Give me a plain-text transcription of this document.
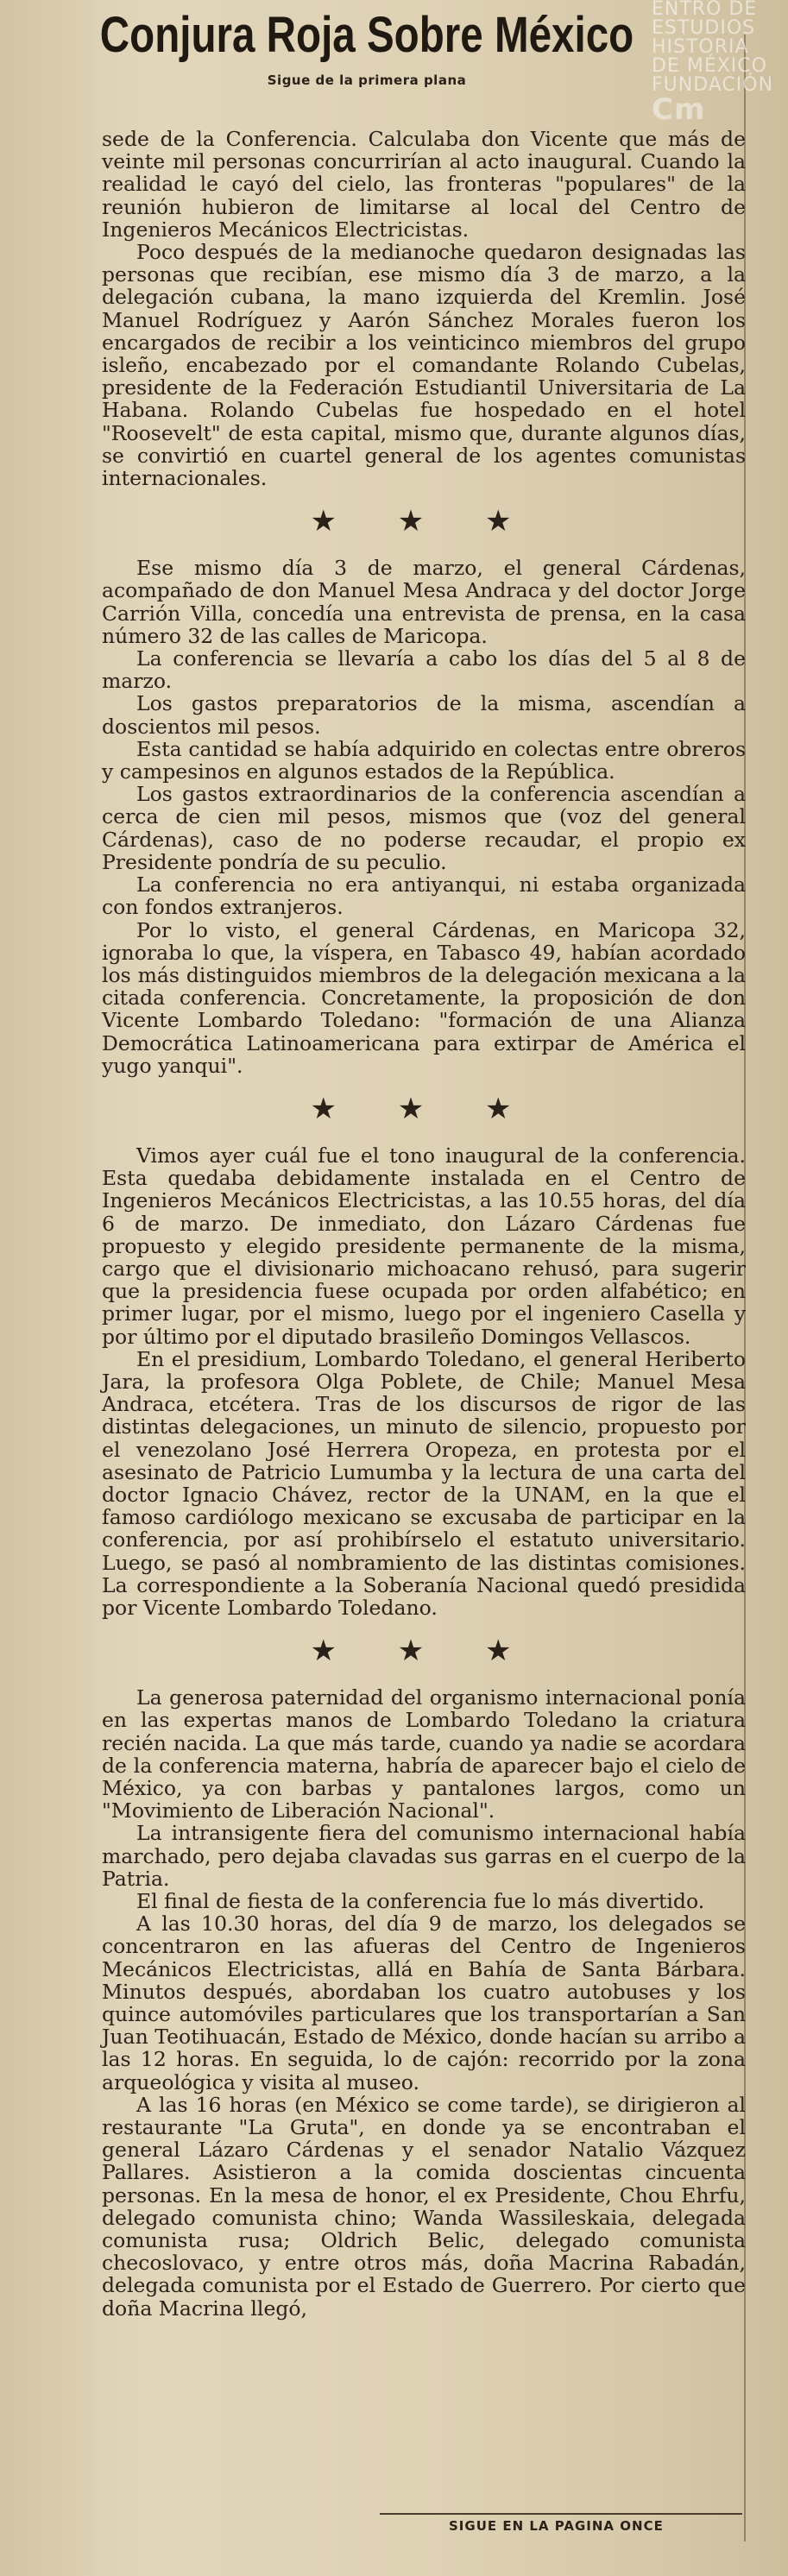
ENTRO DE
ESTUDIOS
HISTORIA
DE MÉXICO
FUNDACIÓN
Cm
Conjura Roja Sobre México
Sigue de la primera plana

sede de la Conferencia. Calculaba don Vicente que más de veinte mil personas concurrirían al acto inaugural. Cuando la realidad le cayó del cielo, las fronteras "populares" de la reunión hubieron de limitarse al local del Centro de Ingenieros Mecánicos Electricistas.

Poco después de la medianoche quedaron designadas las personas que recibían, ese mismo día 3 de marzo, a la delegación cubana, la mano izquierda del Kremlin. José Manuel Rodríguez y Aarón Sánchez Morales fueron los encargados de recibir a los veinticinco miembros del grupo isleño, encabezado por el comandante Rolando Cubelas, presidente de la Federación Estudiantil Universitaria de La Habana. Rolando Cubelas fue hospedado en el hotel "Roosevelt" de esta capital, mismo que, durante algunos días, se convirtió en cuartel general de los agentes comunistas internacionales.

★ ★ ★

Ese mismo día 3 de marzo, el general Cárdenas, acompañado de don Manuel Mesa Andraca y del doctor Jorge Carrión Villa, concedía una entrevista de prensa, en la casa número 32 de las calles de Maricopa.

La conferencia se llevaría a cabo los días del 5 al 8 de marzo.

Los gastos preparatorios de la misma, ascendían a doscientos mil pesos.

Esta cantidad se había adquirido en colectas entre obreros y campesinos en algunos estados de la República.

Los gastos extraordinarios de la conferencia ascendían a cerca de cien mil pesos, mismos que (voz del general Cárdenas), caso de no poderse recaudar, el propio ex Presidente pondría de su peculio.

La conferencia no era antiyanqui, ni estaba organizada con fondos extranjeros.

Por lo visto, el general Cárdenas, en Maricopa 32, ignoraba lo que, la víspera, en Tabasco 49, habían acordado los más distinguidos miembros de la delegación mexicana a la citada conferencia. Concretamente, la proposición de don Vicente Lombardo Toledano: "formación de una Alianza Democrática Latinoamericana para extirpar de América el yugo yanqui".

★ ★ ★

Vimos ayer cuál fue el tono inaugural de la conferencia. Esta quedaba debidamente instalada en el Centro de Ingenieros Mecánicos Electricistas, a las 10.55 horas, del día 6 de marzo. De inmediato, don Lázaro Cárdenas fue propuesto y elegido presidente permanente de la misma, cargo que el divisionario michoacano rehusó, para sugerir que la presidencia fuese ocupada por orden alfabético; en primer lugar, por el mismo, luego por el ingeniero Casella y por último por el diputado brasileño Domingos Vellascos.

En el presidium, Lombardo Toledano, el general Heriberto Jara, la profesora Olga Poblete, de Chile; Manuel Mesa Andraca, etcétera. Tras de los discursos de rigor de las distintas delegaciones, un minuto de silencio, propuesto por el venezolano José Herrera Oropeza, en protesta por el asesinato de Patricio Lumumba y la lectura de una carta del doctor Ignacio Chávez, rector de la UNAM, en la que el famoso cardiólogo mexicano se excusaba de participar en la conferencia, por así prohibírselo el estatuto universitario. Luego, se pasó al nombramiento de las distintas comisiones. La correspondiente a la Soberanía Nacional quedó presidida por Vicente Lombardo Toledano.

★ ★ ★

La generosa paternidad del organismo internacional ponía en las expertas manos de Lombardo Toledano la criatura recién nacida. La que más tarde, cuando ya nadie se acordara de la conferencia materna, habría de aparecer bajo el cielo de México, ya con barbas y pantalones largos, como un "Movimiento de Liberación Nacional".

La intransigente fiera del comunismo internacional había marchado, pero dejaba clavadas sus garras en el cuerpo de la Patria.

El final de fiesta de la conferencia fue lo más divertido.

A las 10.30 horas, del día 9 de marzo, los delegados se concentraron en las afueras del Centro de Ingenieros Mecánicos Electricistas, allá en Bahía de Santa Bárbara. Minutos después, abordaban los cuatro autobuses y los quince automóviles particulares que los transportarían a San Juan Teotihuacán, Estado de México, donde hacían su arribo a las 12 horas. En seguida, lo de cajón: recorrido por la zona arqueológica y visita al museo.

A las 16 horas (en México se come tarde), se dirigieron al restaurante "La Gruta", en donde ya se encontraban el general Lázaro Cárdenas y el senador Natalio Vázquez Pallares. Asistieron a la comida doscientas cincuenta personas. En la mesa de honor, el ex Presidente, Chou Ehrfu, delegado comunista chino; Wanda Wassileskaia, delegada comunista rusa; Oldrich Belic, delegado comunista checoslovaco, y entre otros más, doña Macrina Rabadán, delegada comunista por el Estado de Guerrero. Por cierto que doña Macrina llegó,

SIGUE EN LA PAGINA ONCE
